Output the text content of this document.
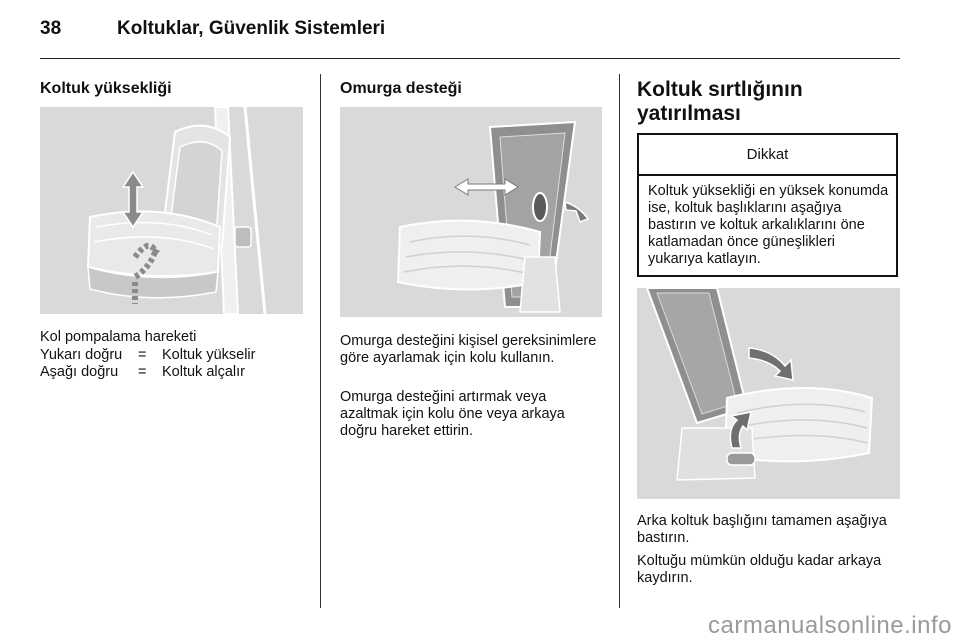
38	Koltuklar, Güvenlik Sistemleri
Koltuk yüksekliği

Kol pompalama hareketi

Yukarı doğru = Koltuk yükselir
Aşağı doğru = Koltuk alçalır
Omurga desteği

Omurga desteğini kişisel gereksinimlere göre ayarlamak için kolu kullanın.

Omurga desteğini artırmak veya azaltmak için kolu öne veya arkaya doğru hareket ettirin.

Koltuk sırtlığının yatırılması
Dikkat
Koltuk yüksekliği en yüksek konumda ise, koltuk başlıklarını aşağıya bastırın ve koltuk arkalıklarını öne katlamadan önce güneşlikleri yukarıya katlayın.

Arka koltuk başlığını tamamen aşağıya bastırın.

Koltuğu mümkün olduğu kadar arkaya kaydırın.

carmanualsonline.info
